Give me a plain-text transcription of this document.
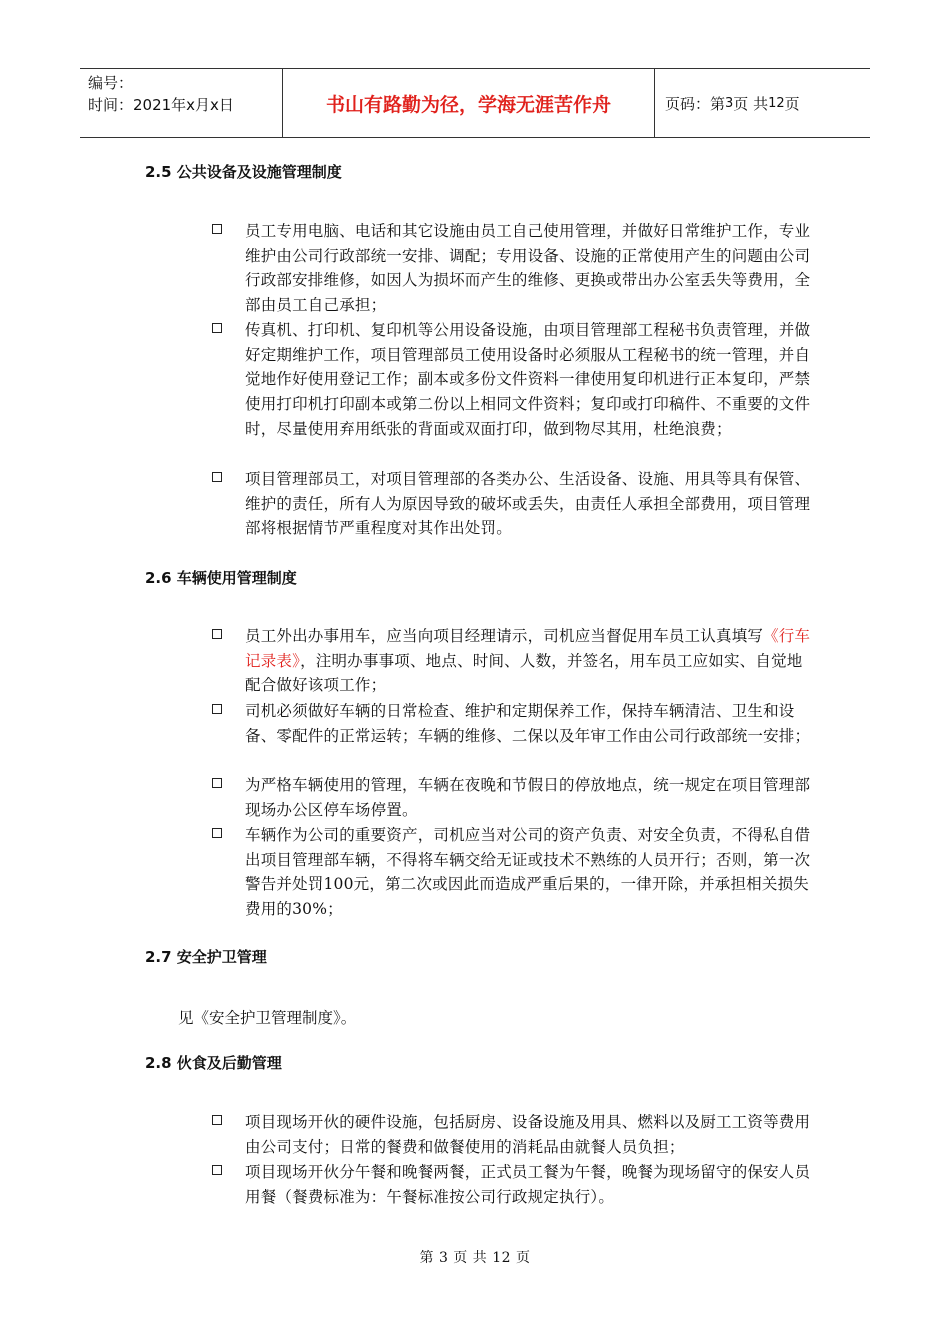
编号：
时间：2021年x月x日	书山有路勤为径，学海无涯苦作舟	页码：第 3 页 共 12 页
2.5 公共设备及设施管理制度
员工专用电脑、电话和其它设施由员工自己使用管理，并做好日常维护工作，专业维护由公司行政部统一安排、调配；专用设备、设施的正常使用产生的问题由公司行政部安排维修，如因人为损坏而产生的维修、更换或带出办公室丢失等费用，全部由员工自己承担；
传真机、打印机、复印机等公用设备设施，由项目管理部工程秘书负责管理，并做好定期维护工作，项目管理部员工使用设备时必须服从工程秘书的统一管理，并自觉地作好使用登记工作；副本或多份文件资料一律使用复印机进行正本复印，严禁使用打印机打印副本或第二份以上相同文件资料；复印或打印稿件、不重要的文件时，尽量使用弃用纸张的背面或双面打印，做到物尽其用，杜绝浪费；
项目管理部员工，对项目管理部的各类办公、生活设备、设施、用具等具有保管、维护的责任，所有人为原因导致的破坏或丢失，由责任人承担全部费用，项目管理部将根据情节严重程度对其作出处罚。
2.6 车辆使用管理制度
员工外出办事用车，应当向项目经理请示，司机应当督促用车员工认真填写《行车记录表》，注明办事事项、地点、时间、人数，并签名，用车员工应如实、自觉地配合做好该项工作；
司机必须做好车辆的日常检查、维护和定期保养工作，保持车辆清洁、卫生和设备、零配件的正常运转；车辆的维修、二保以及年审工作由公司行政部统一安排；
为严格车辆使用的管理，车辆在夜晚和节假日的停放地点，统一规定在项目管理部现场办公区停车场停置。
车辆作为公司的重要资产，司机应当对公司的资产负责、对安全负责，不得私自借出项目管理部车辆，不得将车辆交给无证或技术不熟练的人员开行；否则，第一次警告并处罚100元，第二次或因此而造成严重后果的，一律开除，并承担相关损失费用的30%；
2.7 安全护卫管理
见《安全护卫管理制度》。
2.8 伙食及后勤管理
项目现场开伙的硬件设施，包括厨房、设备设施及用具、燃料以及厨工工资等费用由公司支付；日常的餐费和做餐使用的消耗品由就餐人员负担；
项目现场开伙分午餐和晚餐两餐，正式员工餐为午餐，晚餐为现场留守的保安人员用餐（餐费标准为：午餐标准按公司行政规定执行）。
第 3 页 共 12 页
